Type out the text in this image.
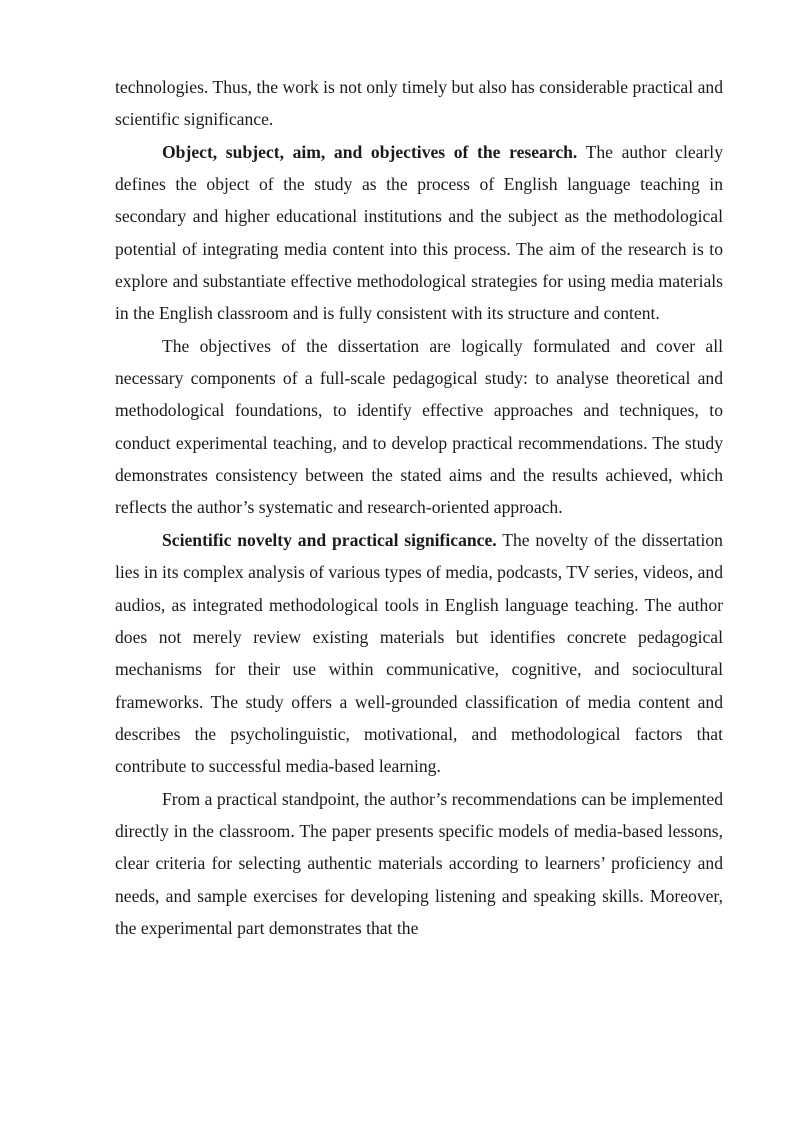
technologies. Thus, the work is not only timely but also has considerable practical and scientific significance.

Object, subject, aim, and objectives of the research. The author clearly defines the object of the study as the process of English language teaching in secondary and higher educational institutions and the subject as the methodological potential of integrating media content into this process. The aim of the research is to explore and substantiate effective methodological strategies for using media materials in the English classroom and is fully consistent with its structure and content.

The objectives of the dissertation are logically formulated and cover all necessary components of a full-scale pedagogical study: to analyse theoretical and methodological foundations, to identify effective approaches and techniques, to conduct experimental teaching, and to develop practical recommendations. The study demonstrates consistency between the stated aims and the results achieved, which reflects the author’s systematic and research-oriented approach.

Scientific novelty and practical significance. The novelty of the dissertation lies in its complex analysis of various types of media, podcasts, TV series, videos, and audios, as integrated methodological tools in English language teaching. The author does not merely review existing materials but identifies concrete pedagogical mechanisms for their use within communicative, cognitive, and sociocultural frameworks. The study offers a well-grounded classification of media content and describes the psycholinguistic, motivational, and methodological factors that contribute to successful media-based learning.

From a practical standpoint, the author’s recommendations can be implemented directly in the classroom. The paper presents specific models of media-based lessons, clear criteria for selecting authentic materials according to learners’ proficiency and needs, and sample exercises for developing listening and speaking skills. Moreover, the experimental part demonstrates that the
